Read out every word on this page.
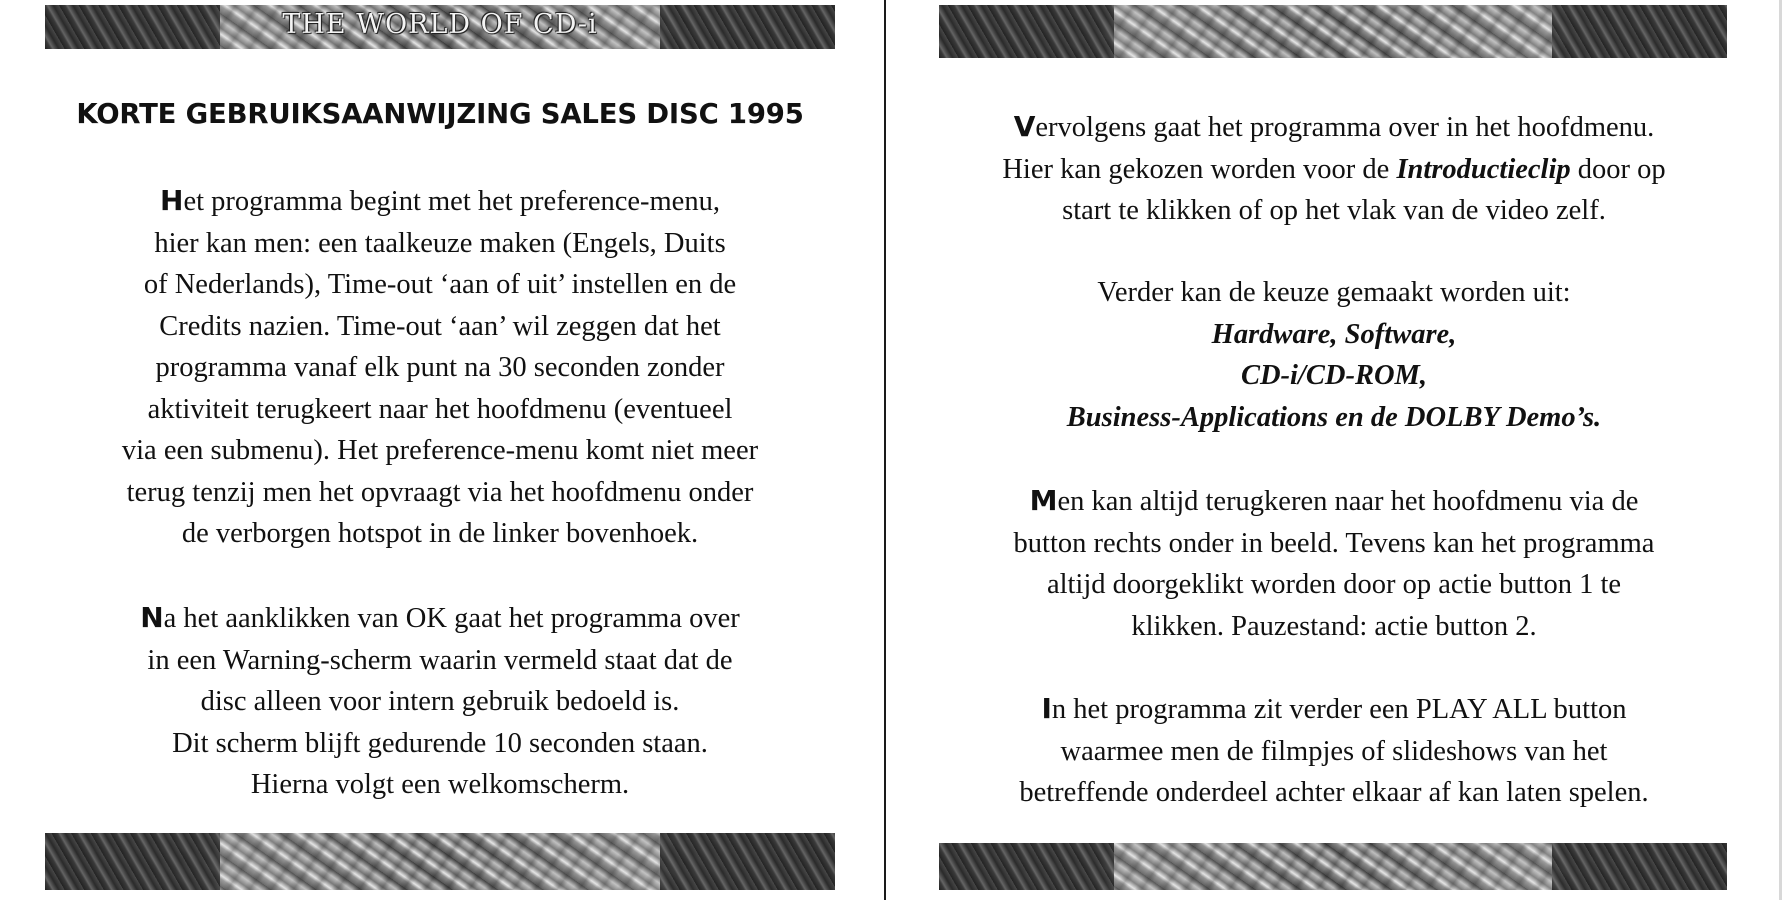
THE WORLD OF CD-i
KORTE GEBRUIKSAANWIJZING SALES DISC 1995
Het programma begint met het preference-menu,
hier kan men: een taalkeuze maken (Engels, Duits
of Nederlands), Time-out ‘aan of uit’ instellen en de
Credits nazien. Time-out ‘aan’ wil zeggen dat het
programma vanaf elk punt na 30 seconden zonder
aktiviteit terugkeert naar het hoofdmenu (eventueel
via een submenu). Het preference-menu komt niet meer
terug tenzij men het opvraagt via het hoofdmenu onder
de verborgen hotspot in de linker bovenhoek.
Na het aanklikken van OK gaat het programma over
in een Warning-scherm waarin vermeld staat dat de
disc alleen voor intern gebruik bedoeld is.
Dit scherm blijft gedurende 10 seconden staan.
Hierna volgt een welkomscherm.
Vervolgens gaat het programma over in het hoofdmenu.
Hier kan gekozen worden voor de Introductieclip door op
start te klikken of op het vlak van de video zelf.
Verder kan de keuze gemaakt worden uit:
Hardware, Software,
CD-i/CD-ROM,
Business-Applications en de DOLBY Demo’s.
Men kan altijd terugkeren naar het hoofdmenu via de
button rechts onder in beeld. Tevens kan het programma
altijd doorgeklikt worden door op actie button 1 te
klikken. Pauzestand: actie button 2.
In het programma zit verder een PLAY ALL button
waarmee men de filmpjes of slideshows van het
betreffende onderdeel achter elkaar af kan laten spelen.
